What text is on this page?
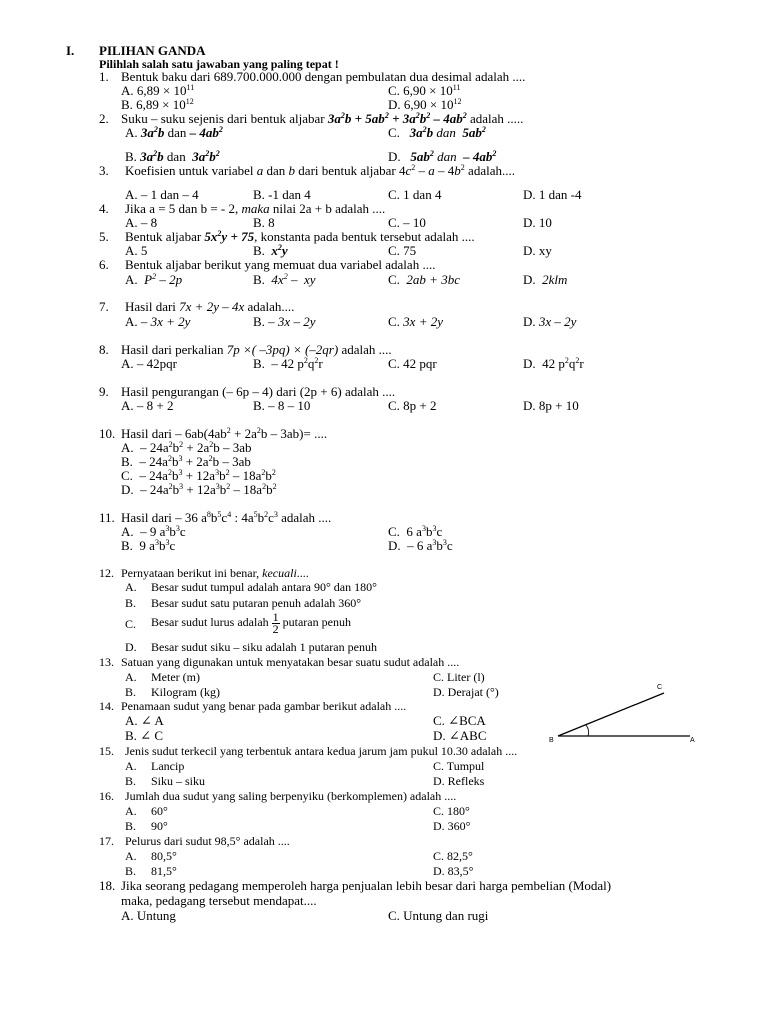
I. PILIHAN GANDA
Pilihlah salah satu jawaban yang paling tepat !
1. Bentuk baku dari 689.700.000.000 dengan pembulatan dua desimal adalah ....
A. $6,89 \times 10^{11}$	C. $6,90 \times 10^{11}$
B. $6,89 \times 10^{12}$	D. $6,90 \times 10^{12}$
2. Suku – suku sejenis dari bentuk aljabar $3a^2b + 5ab^2 + 3a^2b^2 - 4ab^2$ adalah .....
A. $3a^2b$ dan – $4ab^2$	C. $3a^2b$ dan $5ab^2$
B. $3a^2b$ dan  $3a^2b^2$	D. $5ab^2$ dan – $4ab^2$
3. Koefisien untuk variabel a dan b dari bentuk aljabar $4c^2$ – a – $4b^2$ adalah....
A. – 1 dan – 4	B. -1 dan 4	C. 1 dan 4	D. 1 dan -4
4. Jika a = 5 dan b = - 2, maka nilai 2a + b adalah ....
A. – 8	B. 8	C. – 10	D. 10
5. Bentuk aljabar $5x^2y + 75$, konstanta pada bentuk tersebut adalah ....
A. 5	B. $x^2y$	C. 75	D. xy
6. Bentuk aljabar berikut yang memuat dua variabel adalah ....
A. $P^2 - 2p$	B. $4x^2$ –  xy	C. 2ab + 3bc	D. 2klm
7. Hasil dari 7x + 2y – 4x adalah....
A. – 3x + 2y	B. – 3x – 2y	C. 3x + 2y	D. 3x – 2y
8. Hasil dari perkalian 7p ×( –3pq) × (–2qr) adalah ....
A. – 42pqr	B.  – 42 $p^2q^2r$	C. 42 pqr	D.  42 $p^2q^2r$
9. Hasil pengurangan (– 6p – 4) dari (2p + 6) adalah ....
A. – 8 + 2	B. – 8 – 10	C. 8p + 2	D. 8p + 10
10. Hasil dari – $6ab(4ab^2 + 2a^2b - 3ab)=$ ....
A.  – $24a^2b^2 + 2a^2b - 3ab$
B.  – $24a^2b^3 + 2a^2b - 3ab$
C.  – $24a^2b^3 + 12a^3b^2 - 18a^2b^2$
D.  – $24a^2b^3 + 12a^3b^2 - 18a^2b^2$
11. Hasil dari – 36 $a^8b^5c^4$ : $4a^5b^2c^3$ adalah ....
A.  – 9 $a^3b^3c$	C.  6 $a^3b^3c$
B.  9 $a^3b^3c$	D.  – 6 $a^3b^3c$
12. Pernyataan berikut ini benar, kecuali....
A. Besar sudut tumpul adalah antara 90° dan 180°
B. Besar sudut satu putaran penuh adalah 360°
C. Besar sudut lurus adalah $\frac{1}{2}$ putaran penuh
D. Besar sudut siku – siku adalah 1 putaran penuh
13. Satuan yang digunakan untuk menyatakan besar suatu sudut adalah ....
A. Meter (m)	C. Liter (l)
B. Kilogram (kg)	D. Derajat (°)
14. Penamaan sudut yang benar pada gambar berikut adalah ....
A. ∠ A	C. ∠BCA
B. ∠ C	D. ∠ABC
C
B	A
15. Jenis sudut terkecil yang terbentuk antara kedua jarum jam pukul 10.30 adalah ....
A. Lancip	C. Tumpul
B. Siku – siku	D. Refleks
16. Jumlah dua sudut yang saling berpenyiku (berkomplemen) adalah ....
A. 60°	C. 180°
B. 90°	D. 360°
17. Pelurus dari sudut 98,5° adalah ....
A. 80,5°	C. 82,5°
B. 81,5°	D. 83,5°
18. Jika seorang pedagang memperoleh harga penjualan lebih besar dari harga pembelian (Modal)
maka, pedagang tersebut mendapat....
A. Untung	C. Untung dan rugi
